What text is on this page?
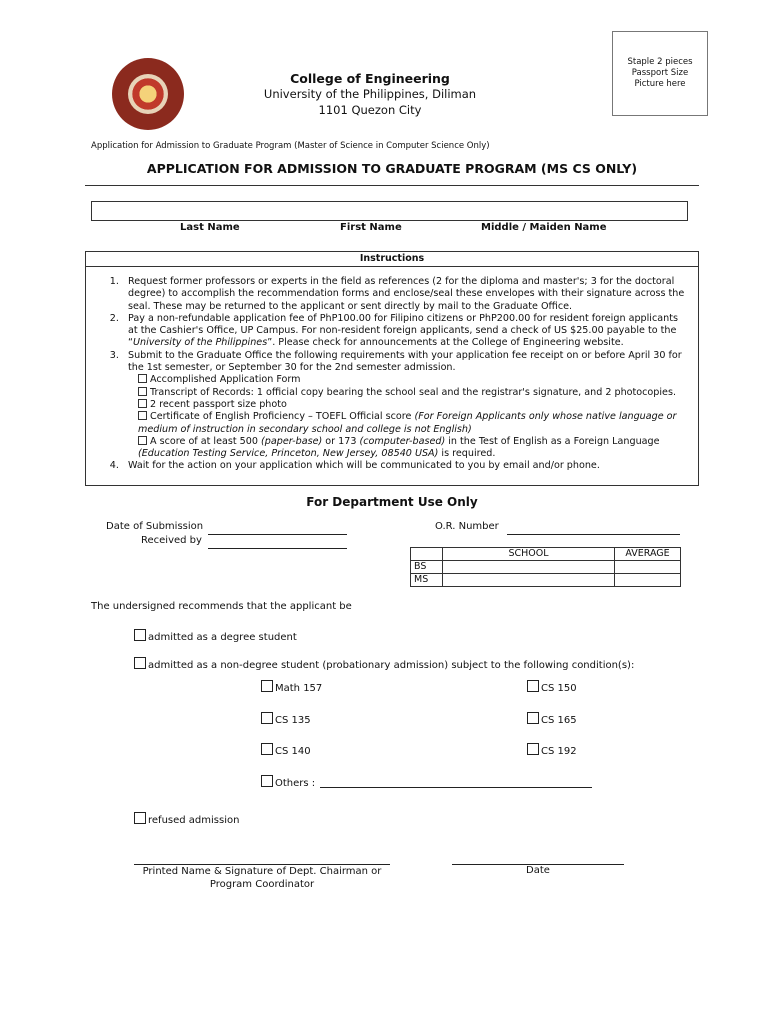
College of Engineering
University of the Philippines, Diliman
1101 Quezon City
Staple 2 pieces Passport Size Picture here
Application for Admission to Graduate Program (Master of Science in Computer Science Only)
APPLICATION FOR ADMISSION TO GRADUATE PROGRAM (MS CS ONLY)
Last Name	First Name	Middle / Maiden Name
Instructions
1. Request former professors or experts in the field as references (2 for the diploma and master's; 3 for the doctoral degree) to accomplish the recommendation forms and enclose/seal these envelopes with their signature across the seal. These may be returned to the applicant or sent directly by mail to the Graduate Office.
2. Pay a non-refundable application fee of PhP100.00 for Filipino citizens or PhP200.00 for resident foreign applicants at the Cashier's Office, UP Campus. For non-resident foreign applicants, send a check of US $25.00 payable to the “University of the Philippines”. Please check for announcements at the College of Engineering website.
3. Submit to the Graduate Office the following requirements with your application fee receipt on or before April 30 for the 1st semester, or September 30 for the 2nd semester admission.
Accomplished Application Form
Transcript of Records: 1 official copy bearing the school seal and the registrar's signature, and 2 photocopies.
2 recent passport size photo
Certificate of English Proficiency – TOEFL Official score (For Foreign Applicants only whose native language or medium of instruction in secondary school and college is not English)
A score of at least 500 (paper-base) or 173 (computer-based) in the Test of English as a Foreign Language (Education Testing Service, Princeton, New Jersey, 08540 USA) is required.
4. Wait for the action on your application which will be communicated to you by email and/or phone.
For Department Use Only
Date of Submission
Received by
O.R. Number
	SCHOOL	AVERAGE
BS		
MS		
The undersigned recommends that the applicant be
admitted as a degree student
admitted as a non-degree student (probationary admission) subject to the following condition(s):
Math 157	CS 150
CS 135	CS 165
CS 140	CS 192
Others :
refused admission
Printed Name & Signature of Dept. Chairman or
Program Coordinator
Date
